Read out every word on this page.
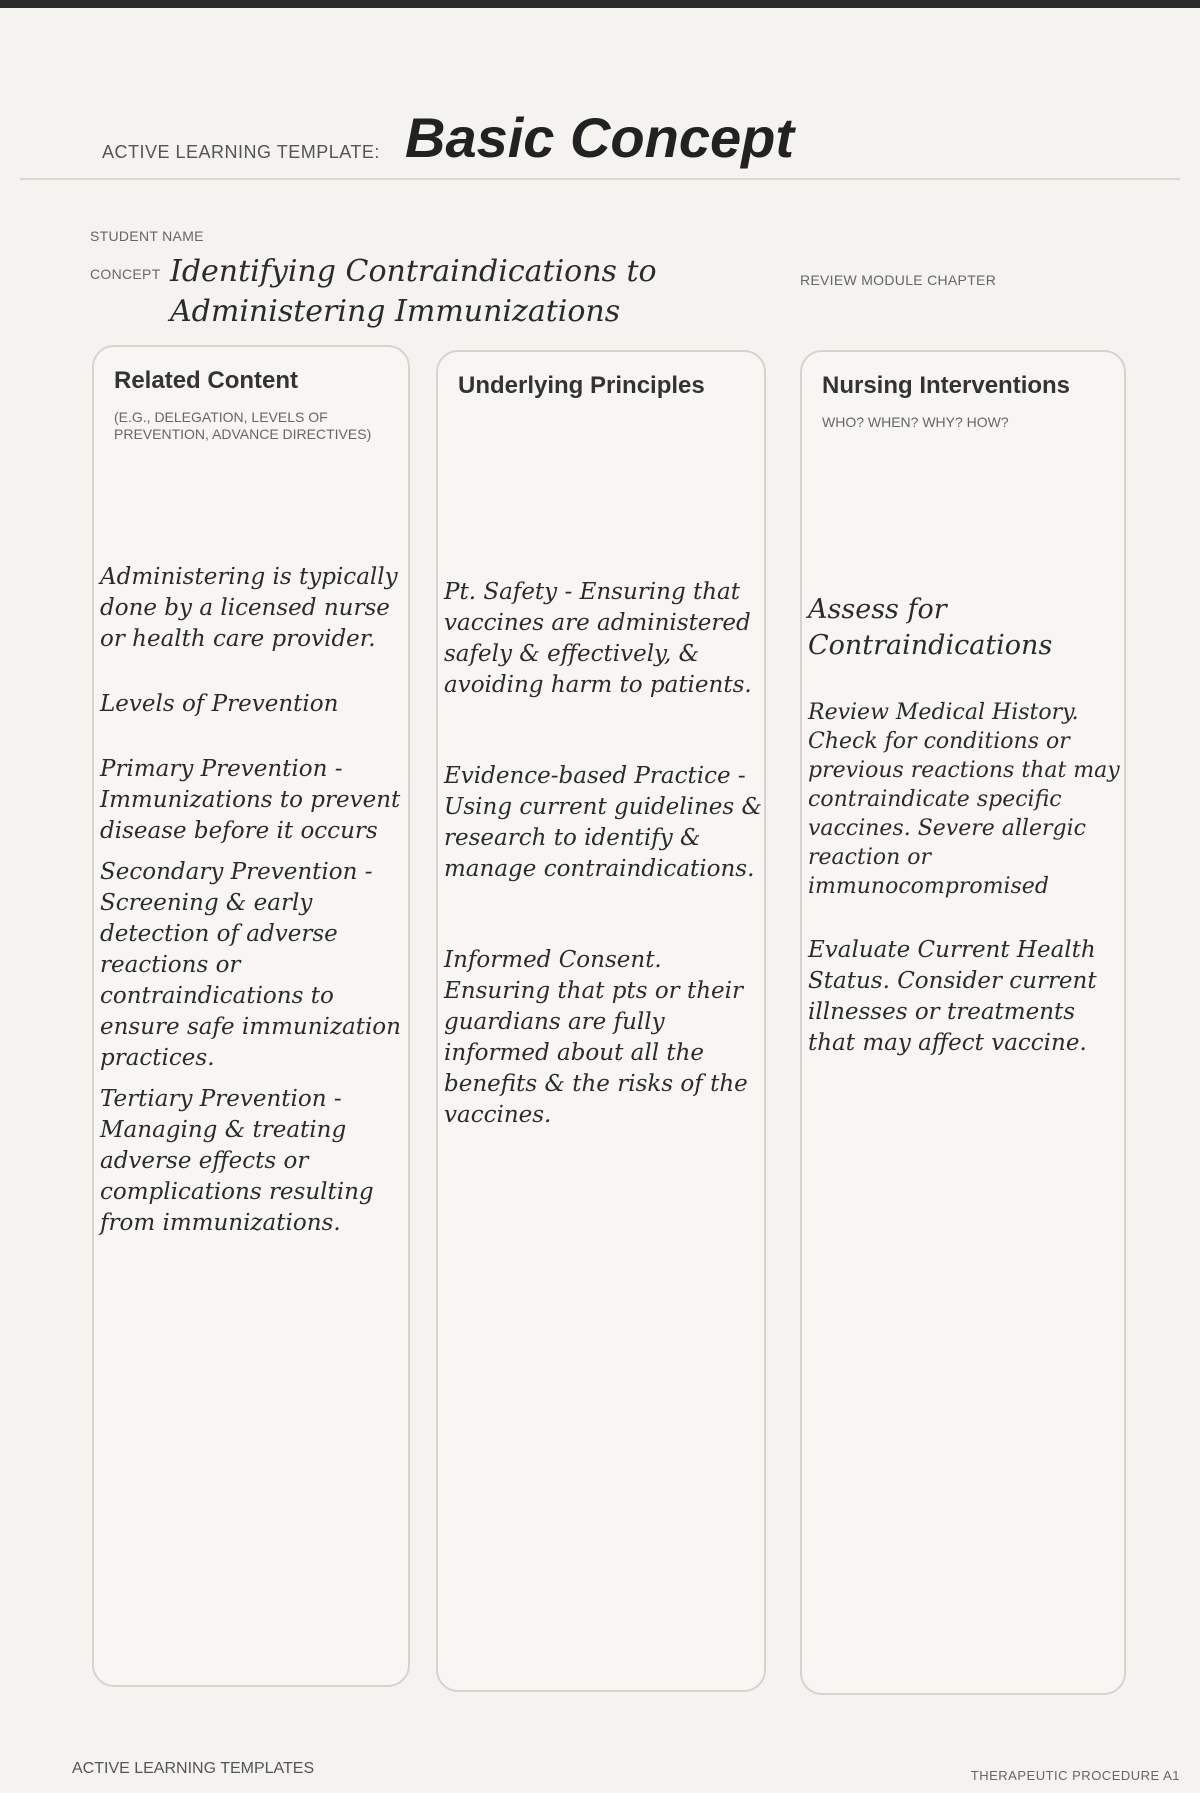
ACTIVE LEARNING TEMPLATE: Basic Concept
STUDENT NAME
CONCEPT Identifying Contraindications to Administering Immunizations
REVIEW MODULE CHAPTER
Related Content
(E.G., DELEGATION, LEVELS OF PREVENTION, ADVANCE DIRECTIVES)

Administering is typically done by a licensed nurse or health care provider.

Levels of Prevention

Primary Prevention - Immunizations to prevent disease before it occurs

Secondary Prevention - Screening & early detection of adverse reactions or contraindications to ensure safe immunization practices.

Tertiary Prevention - Managing & treating adverse effects or complications resulting from immunizations.

Underlying Principles

Pt. Safety - Ensuring that vaccines are administered safely & effectively, & avoiding harm to patients.

Evidence-based Practice - Using current guidelines & research to identify & manage contraindications.

Informed Consent. Ensuring that pts or their guardians are fully informed about all the benefits & the risks of the vaccines.

Nursing Interventions
WHO? WHEN? WHY? HOW?

Assess for Contraindications

Review Medical History. Check for conditions or previous reactions that may contraindicate specific vaccines. Severe allergic reaction or immunocompromised

Evaluate Current Health Status. Consider current illnesses or treatments that may affect vaccine.

ACTIVE LEARNING TEMPLATES	THERAPEUTIC PROCEDURE A1
